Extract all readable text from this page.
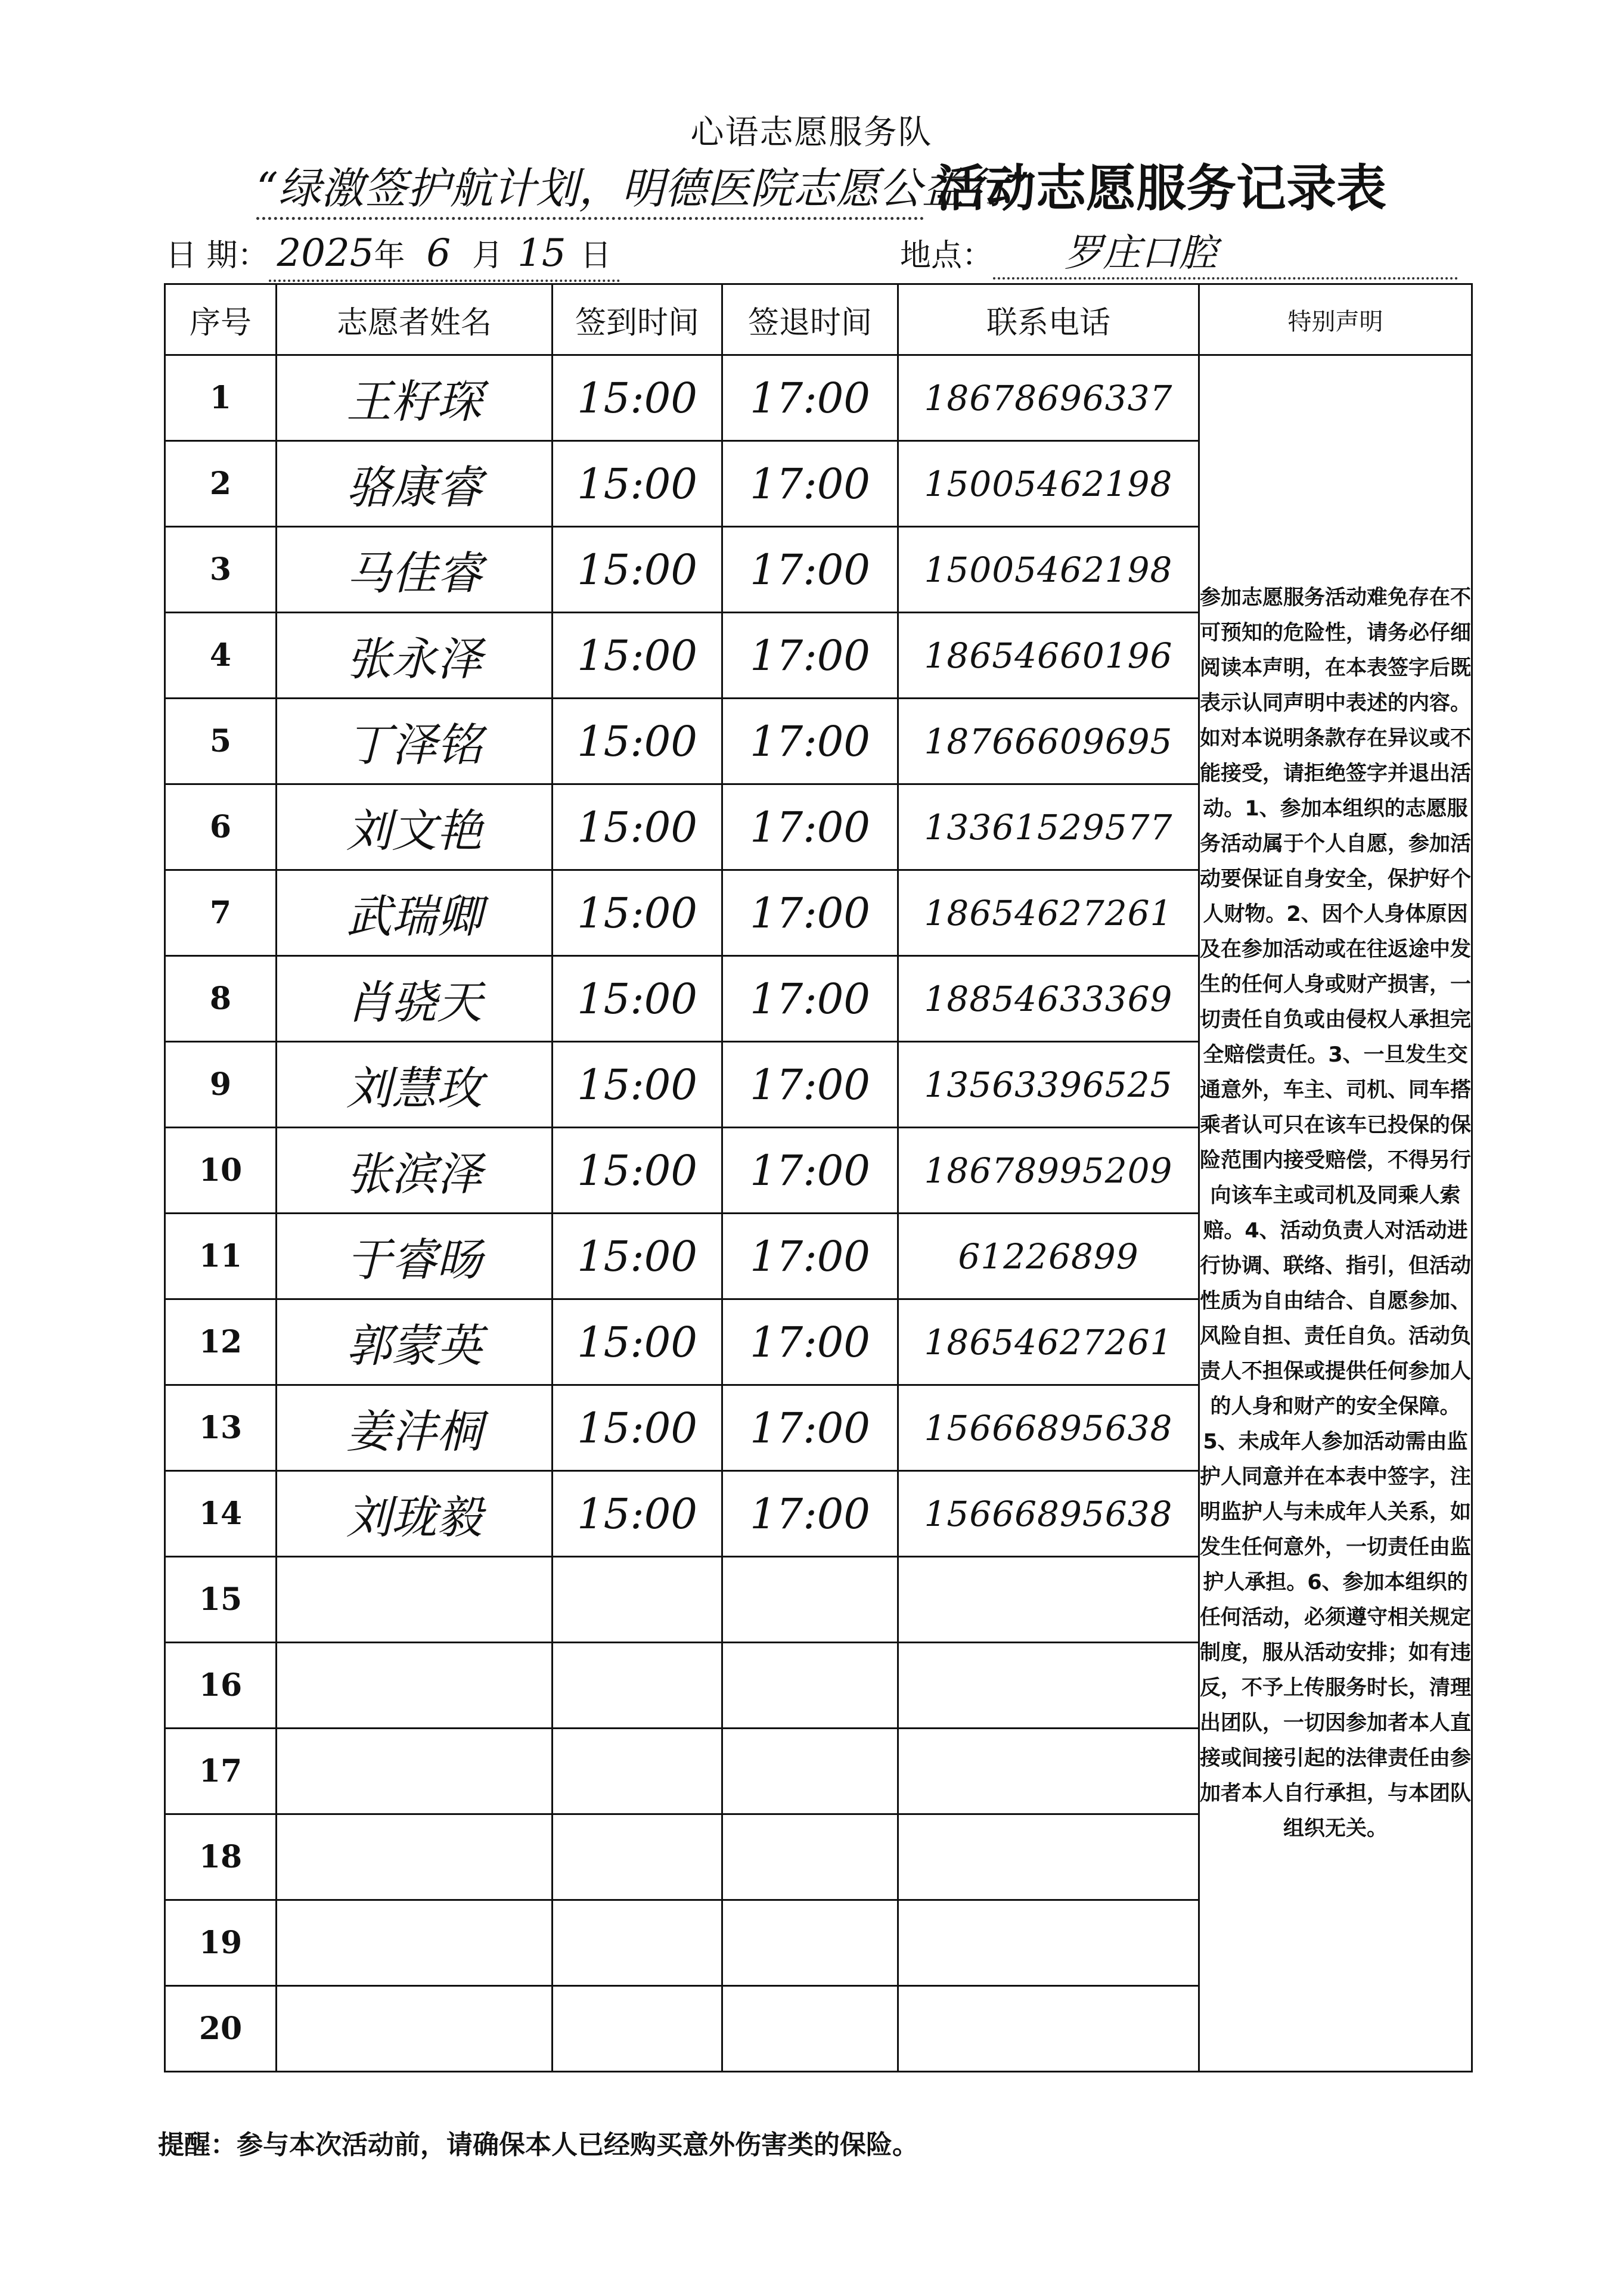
心语志愿服务队
“绿激签护航计划，明德医院志愿公益行”
活动志愿服务记录表
日 期： 2025年 6 月 15 日	地点： 罗庄口腔
序号	志愿者姓名	签到时间	签退时间	联系电话	特别声明
1	王籽琛	15:00	17:00	18678696337	参加志愿服务活动难免存在不可预知的危险性，请务必仔细阅读本声明，在本表签字后既表示认同声明中表述的内容。如对本说明条款存在异议或不能接受，请拒绝签字并退出活动。1、参加本组织的志愿服务活动属于个人自愿，参加活动要保证自身安全，保护好个人财物。2、因个人身体原因及在参加活动或在往返途中发生的任何人身或财产损害，一切责任自负或由侵权人承担完全赔偿责任。3、一旦发生交通意外，车主、司机、同车搭乘者认可只在该车已投保的保险范围内接受赔偿，不得另行向该车主或司机及同乘人索赔。4、活动负责人对活动进行协调、联络、指引，但活动性质为自由结合、自愿参加、风险自担、责任自负。活动负责人不担保或提供任何参加人的人身和财产的安全保障。5、未成年人参加活动需由监护人同意并在本表中签字，注明监护人与未成年人关系，如发生任何意外，一切责任由监护人承担。6、参加本组织的任何活动，必须遵守相关规定制度，服从活动安排；如有违反，不予上传服务时长，清理出团队，一切因参加者本人直接或间接引起的法律责任由参加者本人自行承担，与本团队组织无关。
2	骆康睿	15:00	17:00	15005462198	
3	马佳睿	15:00	17:00	15005462198	
4	张永泽	15:00	17:00	18654660196	
5	丁泽铭	15:00	17:00	18766609695	
6	刘文艳	15:00	17:00	13361529577	
7	武瑞卿	15:00	17:00	18654627261	
8	肖骁天	15:00	17:00	18854633369	
9	刘慧玫	15:00	17:00	13563396525	
10	张滨泽	15:00	17:00	18678995209	
11	于睿旸	15:00	17:00	61226899	
12	郭蒙英	15:00	17:00	18654627261	
13	姜沣桐	15:00	17:00	15666895638	
14	刘珑毅	15:00	17:00	15666895638	
15					
16					
17					
18					
19					
20					
提醒：参与本次活动前，请确保本人已经购买意外伤害类的保险。
